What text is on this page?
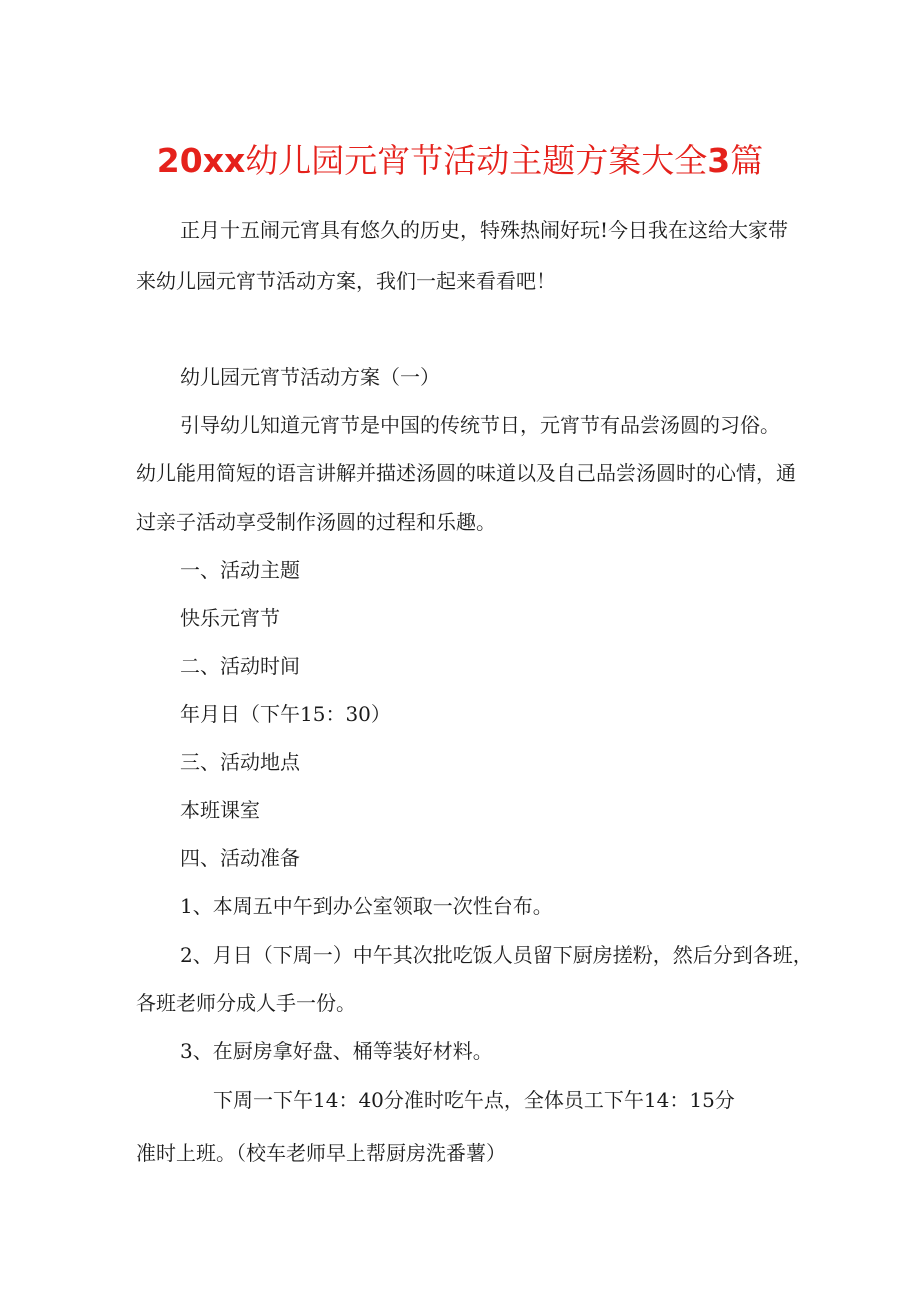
20xx幼儿园元宵节活动主题方案大全3篇

正月十五闹元宵具有悠久的历史，特殊热闹好玩!今日我在这给大家带

来幼儿园元宵节活动方案，我们一起来看看吧！

幼儿园元宵节活动方案（一）

引导幼儿知道元宵节是中国的传统节日，元宵节有品尝汤圆的习俗。

幼儿能用简短的语言讲解并描述汤圆的味道以及自己品尝汤圆时的心情，通

过亲子活动享受制作汤圆的过程和乐趣。

一、活动主题

快乐元宵节

二、活动时间

年月日（下午15：30）

三、活动地点

本班课室

四、活动准备

1、本周五中午到办公室领取一次性台布。

2、月日（下周一）中午其次批吃饭人员留下厨房搓粉，然后分到各班，

各班老师分成人手一份。

3、在厨房拿好盘、桶等装好材料。

下周一下午14：40分准时吃午点，全体员工下午14：15分

准时上班。（校车老师早上帮厨房洗番薯）
